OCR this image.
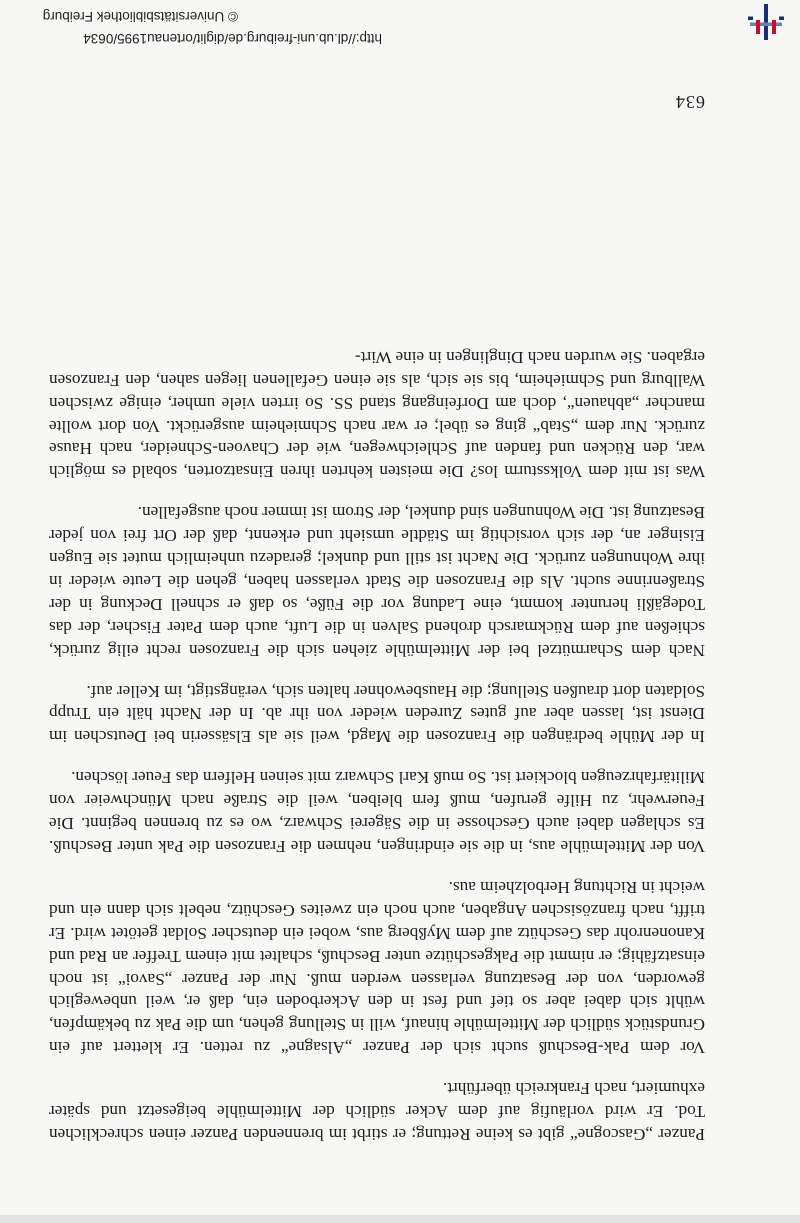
Panzer „Gascogne“ gibt es keine Rettung; er stirbt im brennenden Panzer einen schrecklichen Tod. Er wird vorläufig auf dem Acker südlich der Mittelmühle beigesetzt und später exhumiert, nach Frankreich überführt.

Vor dem Pak-Beschuß sucht sich der Panzer „Alsagne“ zu retten. Er klettert auf ein Grundstück südlich der Mittelmühle hinauf, will in Stellung gehen, um die Pak zu bekämpfen, wühlt sich dabei aber so tief und fest in den Ackerboden ein, daß er, weil unbeweglich geworden, von der Besatzung verlassen werden muß. Nur der Panzer „Savoi“ ist noch einsatzfähig; er nimmt die Pakgeschütze unter Beschuß, schaltet mit einem Treffer an Rad und Kanonenrohr das Geschütz auf dem Myßberg aus, wobei ein deutscher Soldat getötet wird. Er trifft, nach französischen Angaben, auch noch ein zweites Geschütz, nebelt sich dann ein und weicht in Richtung Herbolzheim aus.

Von der Mittelmühle aus, in die sie eindringen, nehmen die Franzosen die Pak unter Beschuß. Es schlagen dabei auch Geschosse in die Sägerei Schwarz, wo es zu brennen beginnt. Die Feuerwehr, zu Hilfe gerufen, muß fern bleiben, weil die Straße nach Münchweier von Militärfahrzeugen blockiert ist. So muß Karl Schwarz mit seinen Helfern das Feuer löschen.

In der Mühle bedrängen die Franzosen die Magd, weil sie als Elsässerin bei Deutschen im Dienst ist, lassen aber auf gutes Zureden wieder von ihr ab. In der Nacht hält ein Trupp Soldaten dort draußen Stellung; die Hausbewohner halten sich, verängstigt, im Keller auf.

Nach dem Scharmützel bei der Mittelmühle ziehen sich die Franzosen recht eilig zurück, schießen auf dem Rückmarsch drohend Salven in die Luft, auch dem Pater Fischer, der das Todegäßli herunter kommt, eine Ladung vor die Füße, so daß er schnell Deckung in der Straßenrinne sucht. Als die Franzosen die Stadt verlassen haben, gehen die Leute wieder in ihre Wohnungen zurück. Die Nacht ist still und dunkel; geradezu unheimlich mutet sie Eugen Eisinger an, der sich vorsichtig im Städtle umsieht und erkennt, daß der Ort frei von jeder Besatzung ist. Die Wohnungen sind dunkel, der Strom ist immer noch ausgefallen.

Was ist mit dem Volkssturm los? Die meisten kehrten ihren Einsatzorten, sobald es möglich war, den Rücken und fanden auf Schleichwegen, wie der Chavoen-Schneider, nach Hause zurück. Nur dem „Stab“ ging es übel; er war nach Schmieheim ausgerückt. Von dort wollte mancher „abhauen“, doch am Dorfeingang stand SS. So irrten viele umher, einige zwischen Wallburg und Schmieheim, bis sie sich, als sie einen Gefallenen liegen sahen, den Franzosen ergaben. Sie wurden nach Dinglingen in eine Wirt-

634
http://dl.ub.uni-freiburg.de/diglit/ortenau1995/0634
© Universitätsbibliothek Freiburg
